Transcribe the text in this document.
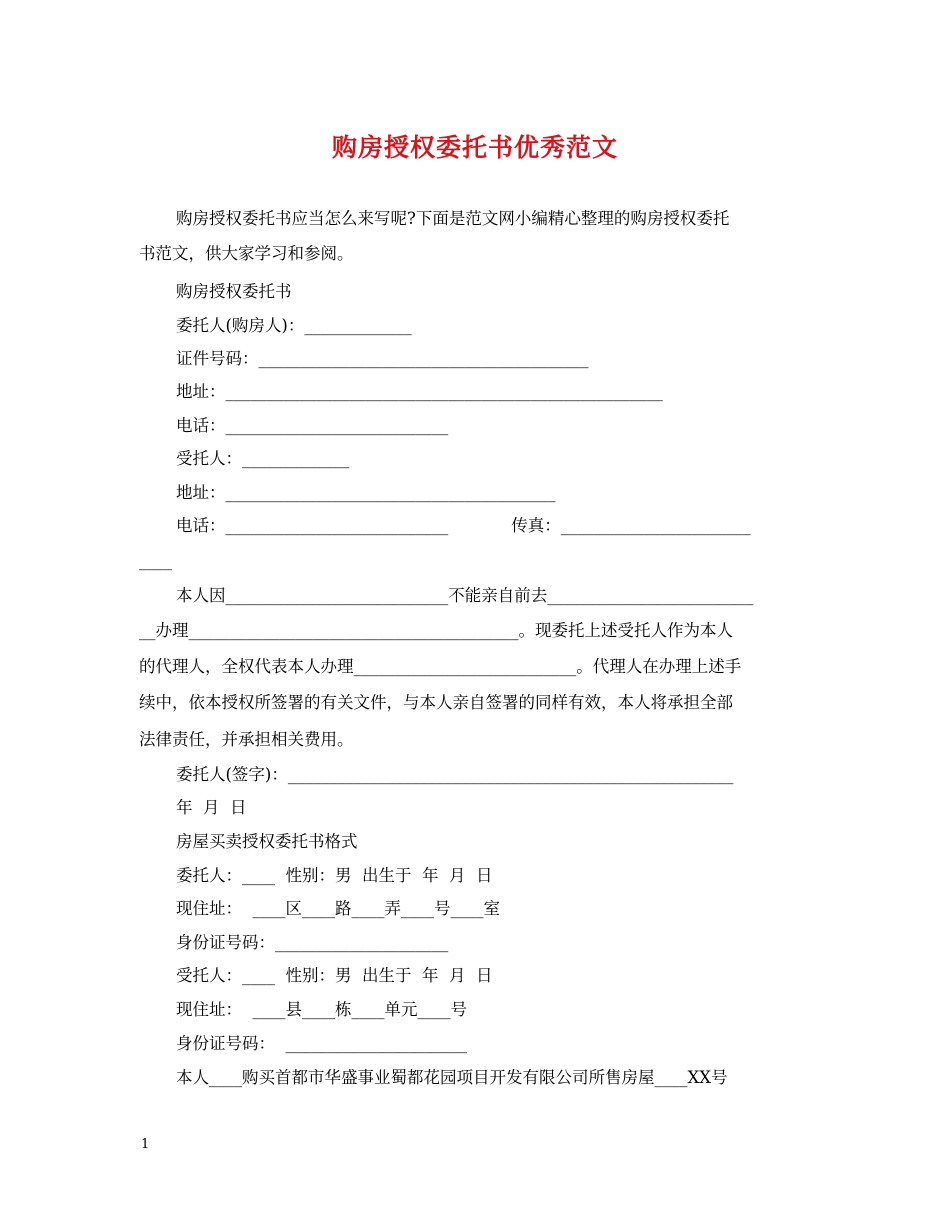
购房授权委托书优秀范文
购房授权委托书应当怎么来写呢?下面是范文网小编精心整理的购房授权委托
书范文，供大家学习和参阅。
购房授权委托书
委托人(购房人)：_____________
证件号码：________________________________________
地址：_____________________________________________________
电话：___________________________
受托人：_____________
地址：________________________________________
电话：___________________________            传真：_______________________
____
本人因___________________________不能亲自前去_________________________
__办理________________________________________。现委托上述受托人作为本人
的代理人，全权代表本人办理___________________________。代理人在办理上述手
续中，依本授权所签署的有关文件，与本人亲自签署的同样有效，本人将承担全部
法律责任，并承担相关费用。
委托人(签字)：______________________________________________________
年  月  日
房屋买卖授权委托书格式
委托人：____  性别：男  出生于  年  月  日
现住址：  ____区____路____弄____号____室
身份证号码：_____________________
受托人：____  性别：男  出生于  年  月  日
现住址：  ____县____栋____单元____号
身份证号码：  ______________________
本人____购买首都市华盛事业蜀都花园项目开发有限公司所售房屋____XX号
1
